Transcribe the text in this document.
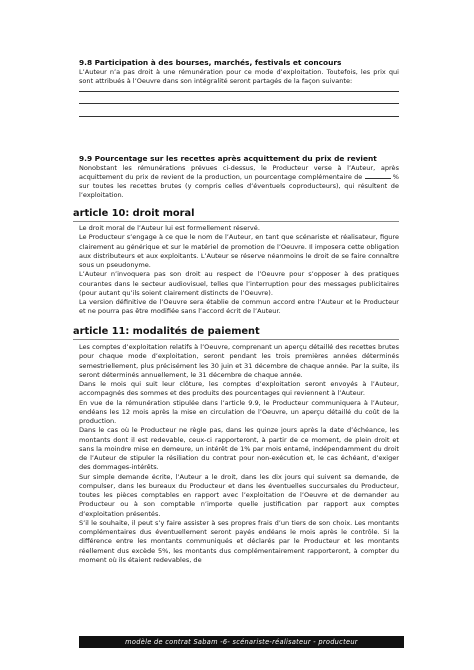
9.8 Participation à des bourses, marchés, festivals et concours
L’Auteur n’a pas droit à une rémunération pour ce mode d’exploitation. Toutefois, les prix qui sont attribués à l’Oeuvre dans son intégralité seront partagés de la façon suivante:
9.9 Pourcentage sur les recettes après acquittement du prix de revient
Nonobstant les rémunérations prévues ci-dessus, le Producteur verse à l’Auteur, après acquittement du prix de revient de la production, un pourcentage complémentaire de	% sur toutes les recettes brutes (y compris celles d’éventuels coproducteurs), qui résultent de l’exploitation.
article 10: droit moral
Le droit moral de l’Auteur lui est formellement réservé.
Le Producteur s’engage à ce que le nom de l’Auteur, en tant que scénariste et réalisateur, figure clairement au générique et sur le matériel de promotion de l’Oeuvre. Il imposera cette obligation aux distributeurs et aux exploitants. L’Auteur se réserve néanmoins le droit de se faire connaître sous un pseudonyme.
L’Auteur n’invoquera pas son droit au respect de l’Oeuvre pour s’opposer à des pratiques courantes dans le secteur audiovisuel, telles que l’interruption pour des messages publicitaires (pour autant qu’ils soient clairement distincts de l’Oeuvre).
La version définitive de l’Oeuvre sera établie de commun accord entre l’Auteur et le Producteur et ne pourra pas être modifiée sans l’accord écrit de l’Auteur.
article 11: modalités de paiement
Les comptes d’exploitation relatifs à l’Oeuvre, comprenant un aperçu détaillé des recettes brutes pour chaque mode d’exploitation, seront pendant les trois premières années déterminés semestriellement, plus précisément les 30 juin et 31 décembre de chaque année. Par la suite, ils seront déterminés annuellement, le 31 décembre de chaque année.
Dans le mois qui suit leur clôture, les comptes d’exploitation seront envoyés à l’Auteur, accompagnés des sommes et des produits des pourcentages qui reviennent à l’Auteur.
En vue de la rémunération stipulée dans l’article 9.9, le Producteur communiquera à l’Auteur, endéans les 12 mois après la mise en circulation de l’Oeuvre, un aperçu détaillé du coût de la production.
Dans le cas où le Producteur ne règle pas, dans les quinze jours après la date d’échéance, les montants dont il est redevable, ceux-ci rapporteront, à partir de ce moment, de plein droit et sans la moindre mise en demeure, un intérêt de 1% par mois entamé, indépendamment du droit de l’Auteur de stipuler la résiliation du contrat pour non-exécution et, le cas échéant, d’exiger des dommages-intérêts.
Sur simple demande écrite, l’Auteur a le droit, dans les dix jours qui suivent sa demande, de compulser, dans les bureaux du Producteur et dans les éventuelles succursales du Producteur, toutes les pièces comptables en rapport avec l’exploitation de l’Oeuvre et de demander au Producteur ou à son comptable n’importe quelle justification par rapport aux comptes d’exploitation présentés.
S’il le souhaite, il peut s’y faire assister à ses propres frais d’un tiers de son choix. Les montants complémentaires dus éventuellement seront payés endéans le mois après le contrôle. Si la différence entre les montants communiqués et déclarés par le Producteur et les montants réellement dus excède 5%, les montants dus complémentairement rapporteront, à compter du moment où ils étaient redevables, de
modèle de contrat Sabam -6- scénariste-réalisateur - producteur
